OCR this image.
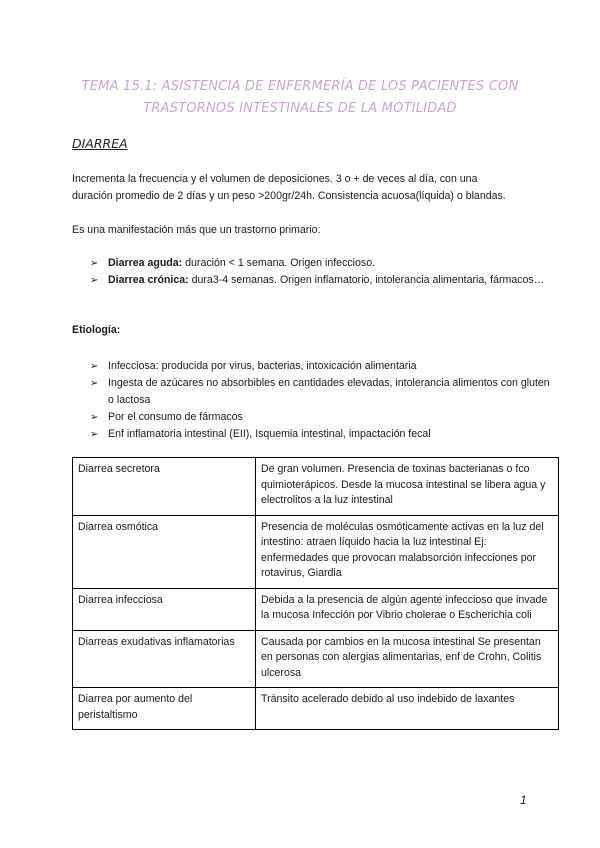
TEMA 15.1: ASISTENCIA DE ENFERMERÍA DE LOS PACIENTES CON
TRASTORNOS INTESTINALES DE LA MOTILIDAD
DIARREA
Incrementa la frecuencia y el volumen de deposiciones. 3 o + de veces al día, con una
duración promedio de 2 días y un peso >200gr/24h. Consistencia acuosa(líquida) o blandas.
Es una manifestación más que un trastorno primario:
➢ Diarrea aguda: duración < 1 semana. Origen infeccioso.
➢ Diarrea crónica: dura3-4 semanas. Origen inflamatorio, intolerancia alimentaria, fármacos…
Etiología:
➢ Infecciosa: producida por virus, bacterias, intoxicación alimentaria
➢ Ingesta de azúcares no absorbibles en cantidades elevadas, intolerancia alimentos con gluten o lactosa
➢ Por el consumo de fármacos
➢ Enf inflamatoria intestinal (EII), Isquemia intestinal, impactación fecal
Diarrea secretora	De gran volumen. Presencia de toxinas bacterianas o fco quimioterápicos. Desde la mucosa intestinal se libera agua y electrolitos a la luz intestinal
Diarrea osmótica	Presencia de moléculas osmóticamente activas en la luz del intestino: atraen líquido hacia la luz intestinal Ej: enfermedades que provocan malabsorción infecciones por rotavirus, Giardia
Diarrea infecciosa	Debida a la presencia de algún agente infeccioso que invade la mucosa Infección por Vibrio cholerae o Escherichia coli
Diarreas exudativas inflamatorias	Causada por cambios en la mucosa intestinal Se presentan en personas con alergias alimentarias, enf de Crohn, Colitis ulcerosa
Diarrea por aumento del peristaltismo	Tránsito acelerado debido al uso indebido de laxantes
1
